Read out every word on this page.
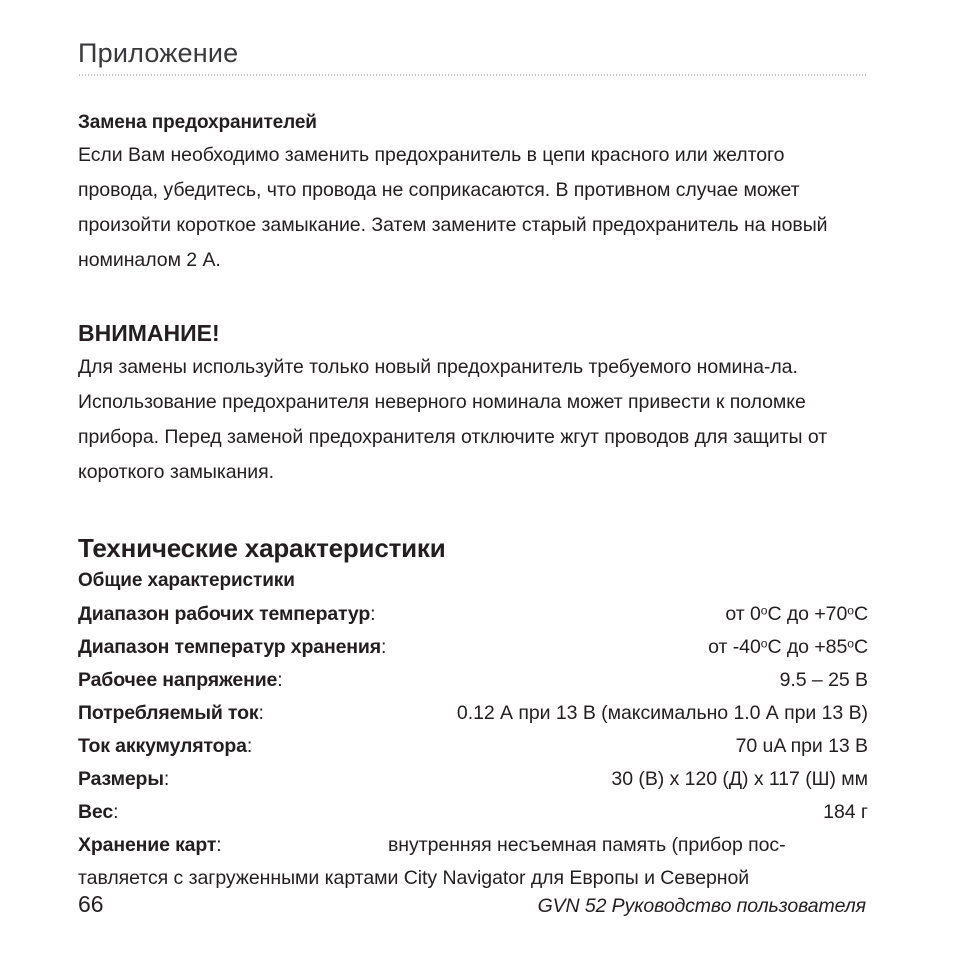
Приложение
Замена предохранителей

Если Вам необходимо заменить предохранитель в цепи красного или желтого провода, убедитесь, что провода не соприкасаются. В противном случае может произойти короткое замыкание. Затем замените старый предохранитель на новый номиналом 2 А.

ВНИМАНИЕ!

Для замены используйте только новый предохранитель требуемого номина-ла. Использование предохранителя неверного номинала может привести к поломке прибора. Перед заменой предохранителя отключите жгут проводов для защиты от короткого замыкания.

Технические характеристики
Общие характеристики
Диапазон рабочих температур:	от 0$^o$C до $+70^oC$
Диапазон температур хранения:	от -40$^o$C до $+85^oC$
Рабочее напряжение:	9.5 – 25 В
Потребляемый ток:	0.12 А при 13 В (максимально 1.0 А при 13 В)
Ток аккумулятора:	70 uA при 13 В
Размеры:	30 (В) x 120 (Д) x 117 (Ш) мм
Вес:	184 г
Хранение карт:	внутренняя несъемная память (прибор пос-
тавляется с загруженными картами City Navigator для Европы и Северной
66	GVN 52 Руководство пользователя
